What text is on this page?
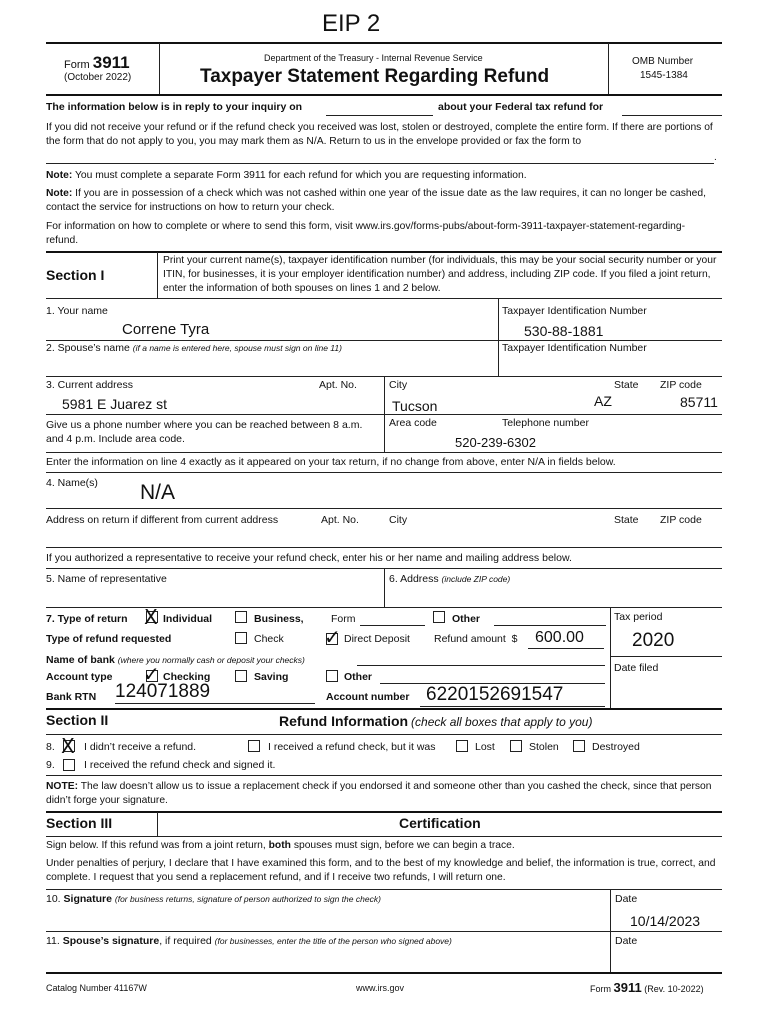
EIP 2
Form 3911
(October 2022)
Department of the Treasury - Internal Revenue Service
Taxpayer Statement Regarding Refund
OMB Number
1545-1384
The information below is in reply to your inquiry on	about your Federal tax refund for
If you did not receive your refund or if the refund check you received was lost, stolen or destroyed, complete the entire form. If there are portions of the form that do not apply to you, you may mark them as N/A. Return to us in the envelope provided or fax the form to
.
Note: You must complete a separate Form 3911 for each refund for which you are requesting information.
Note: If you are in possession of a check which was not cashed within one year of the issue date as the law requires, it can no longer be cashed, contact the service for instructions on how to return your check.
For information on how to complete or where to send this form, visit www.irs.gov/forms-pubs/about-form-3911-taxpayer-statement-regarding-refund.
Section I
Print your current name(s), taxpayer identification number (for individuals, this may be your social security number or your ITIN, for businesses, it is your employer identification number) and address, including ZIP code. If you filed a joint return, enter the information of both spouses on lines 1 and 2 below.
1. Your name
Correne Tyra
Taxpayer Identification Number
530-88-1881
2. Spouse’s name (if a name is entered here, spouse must sign on line 11)	Taxpayer Identification Number
3. Current address	Apt. No.	City	State ZIP code
5981 E Juarez st	Tucson	AZ	85711
Give us a phone number where you can be reached between 8 a.m. and 4 p.m. Include area code.
Area code	Telephone number
520-239-6302
Enter the information on line 4 exactly as it appeared on your tax return, if no change from above, enter N/A in fields below.
4. Name(s) N/A
Address on return if different from current address	Apt. No.	City	State ZIP code
If you authorized a representative to receive your refund check, enter his or her name and mailing address below.
5. Name of representative	6. Address (include ZIP code)
7. Type of return X Individual	Business,	Form	Other	Tax period
2020
Type of refund requested	Check ✓ Direct Deposit Refund amount $ 600.00
Name of bank (where you normally cash or deposit your checks)
Date filed
Account type ✓ Checking	Saving	Other
Bank RTN 124071889	Account number 6220152691547
Section II	Refund Information (check all boxes that apply to you)
8. X I didn’t receive a refund.	I received a refund check, but it was	Lost	Stolen	Destroyed
9.	I received the refund check and signed it.
NOTE: The law doesn’t allow us to issue a replacement check if you endorsed it and someone other than you cashed the check, since that person didn’t forge your signature.
Section III	Certification
Sign below. If this refund was from a joint return, both spouses must sign, before we can begin a trace.
Under penalties of perjury, I declare that I have examined this form, and to the best of my knowledge and belief, the information is true, correct, and complete. I request that you send a replacement refund, and if I receive two refunds, I will return one.
10. Signature (for business returns, signature of person authorized to sign the check)	Date
10/14/2023
11. Spouse’s signature, if required (for businesses, enter the title of the person who signed above)	Date
Catalog Number 41167W	www.irs.gov	Form 3911 (Rev. 10-2022)
